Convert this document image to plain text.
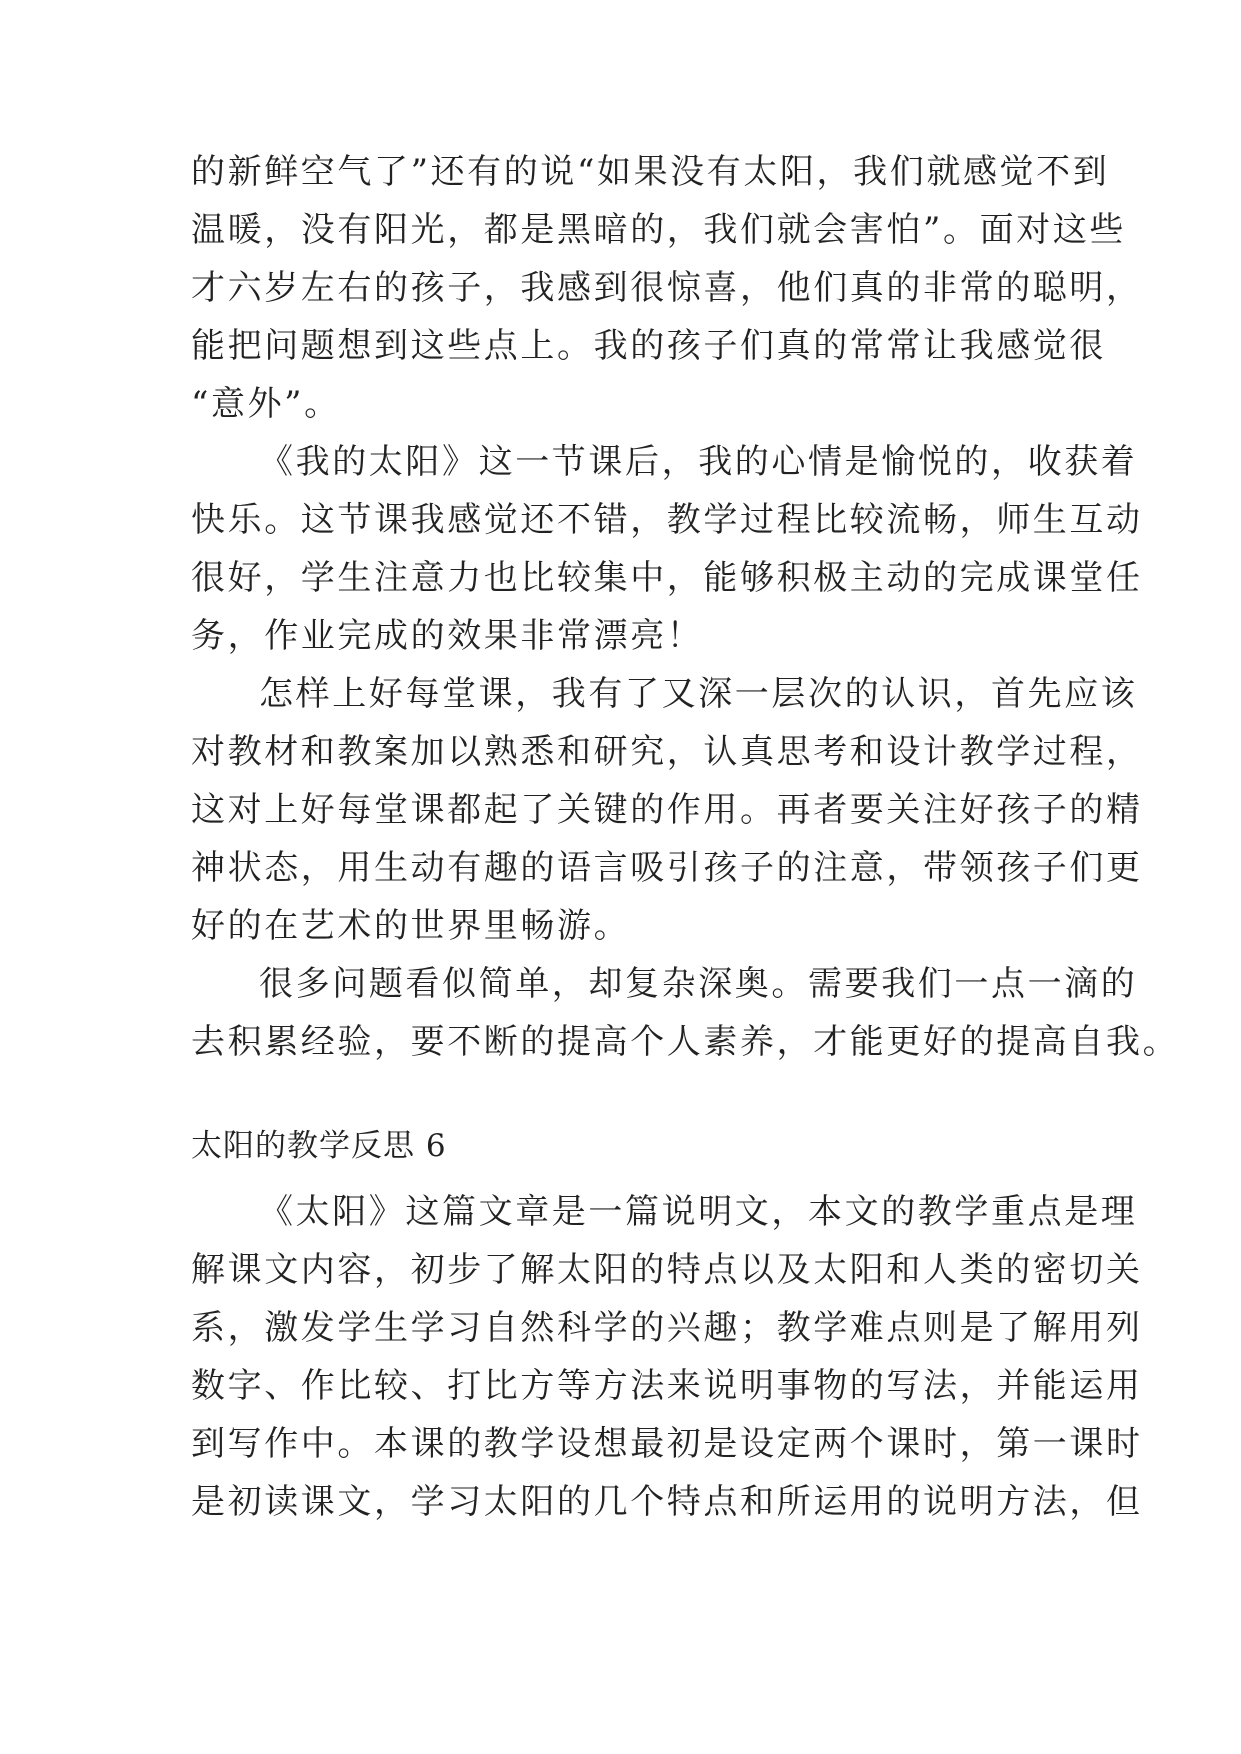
的新鲜空气了”还有的说“如果没有太阳，我们就感觉不到
温暖，没有阳光，都是黑暗的，我们就会害怕”。面对这些
才六岁左右的孩子，我感到很惊喜，他们真的非常的聪明，
能把问题想到这些点上。我的孩子们真的常常让我感觉很
“意外”。
《我的太阳》这一节课后，我的心情是愉悦的，收获着
快乐。这节课我感觉还不错，教学过程比较流畅，师生互动
很好，学生注意力也比较集中，能够积极主动的完成课堂任
务，作业完成的效果非常漂亮！
怎样上好每堂课，我有了又深一层次的认识，首先应该
对教材和教案加以熟悉和研究，认真思考和设计教学过程，
这对上好每堂课都起了关键的作用。再者要关注好孩子的精
神状态，用生动有趣的语言吸引孩子的注意，带领孩子们更
好的在艺术的世界里畅游。
很多问题看似简单，却复杂深奥。需要我们一点一滴的
去积累经验，要不断的提高个人素养，才能更好的提高自我。
太阳的教学反思 6
《太阳》这篇文章是一篇说明文，本文的教学重点是理
解课文内容，初步了解太阳的特点以及太阳和人类的密切关
系，激发学生学习自然科学的兴趣；教学难点则是了解用列
数字、作比较、打比方等方法来说明事物的写法，并能运用
到写作中。本课的教学设想最初是设定两个课时，第一课时
是初读课文，学习太阳的几个特点和所运用的说明方法，但
